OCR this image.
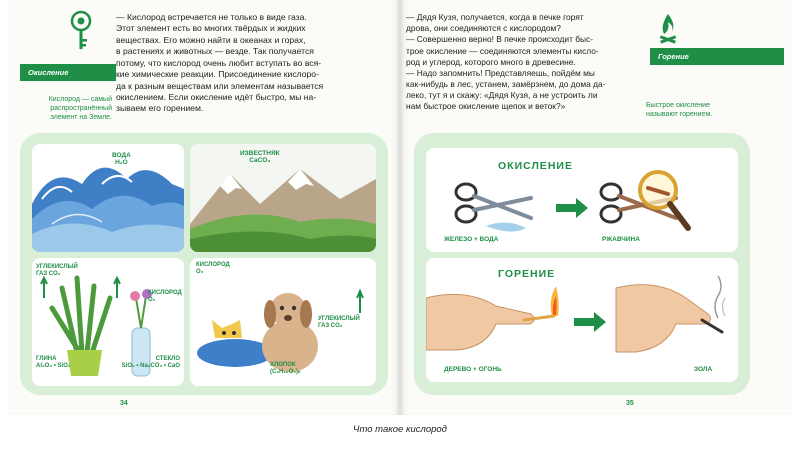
Окисление
Кислород — самый
распространённый
элемент на Земле.

— Кислород встречается не только в виде газа.

Этот элемент есть во многих твёрдых и жидких

веществах. Его можно найти в океанах и горах,

в растениях и животных — везде. Так получается

потому, что кислород очень любит вступать во вся-

кие химические реакции. Присоединение кислоро-

да к разным веществам или элементам называется

окислением. Если окисление идёт быстро, мы на-

зываем его горением.

ВОДА
H₂O
ИЗВЕСТНЯК
CaCO₃
УГЛЕКИСЛЫЙ
ГАЗ CO₂
КИСЛОРОД
O₂
ГЛИНА
Al₂O₃ • SiO₂
СТЕКЛО
SiO₂ • Na₂CO₃ • CaO
КИСЛОРОД
O₂
УГЛЕКИСЛЫЙ
ГАЗ CO₂
ХЛОПОК
(C₆H₁₀O₅)ₙ
34
Горение
Быстрое окисление
называют горением.

— Дядя Кузя, получается, когда в печке горят

дрова, они соединяются с кислородом?

— Совершенно верно! В печке происходит быс-

трое окисление — соединяются элементы кисло-

род и углерод, которого много в древесине.

— Надо запомнить! Представляешь, пойдём мы

как-нибудь в лес, устанем, замёрзнем, до дома да-

леко, тут я и скажу: «Дядя Кузя, а не устроить ли

нам быстрое окисление щепок и веток?»

ОКИСЛЕНИЕ
ЖЕЛЕЗО + ВОДА	РЖАВЧИНА
ГОРЕНИЕ
ДЕРЕВО + ОГОНЬ	ЗОЛА
35
Что такое кислород
